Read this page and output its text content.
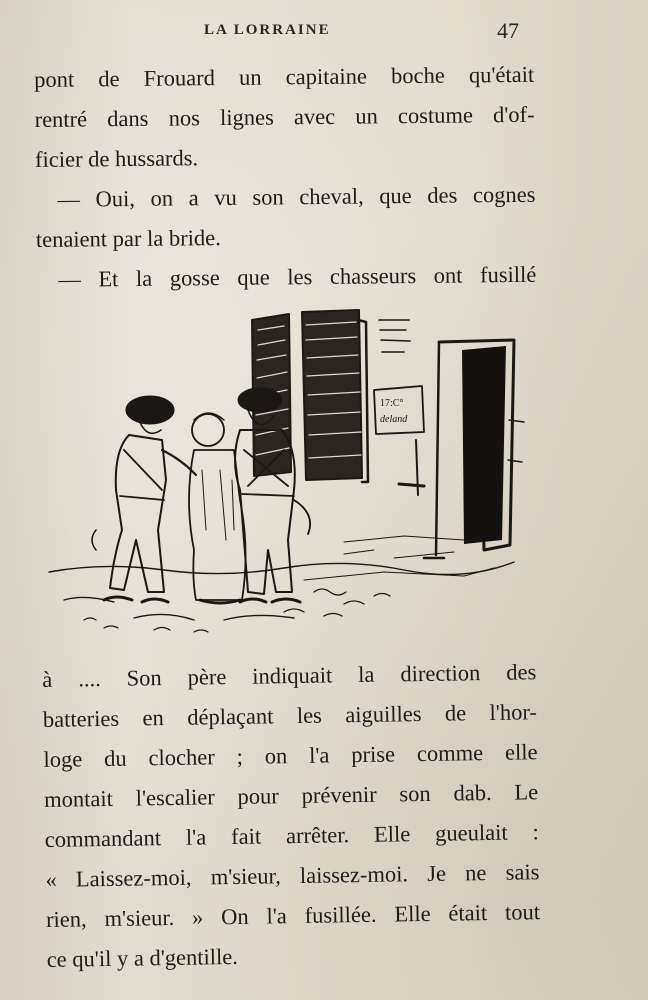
LA LORRAINE	47
pont de Frouard un capitaine boche qu'était
rentré dans nos lignes avec un costume d'of-
ficier de hussards.
— Oui, on a vu son cheval, que des cognes
tenaient par la bride.
— Et la gosse que les chasseurs ont fusillé
17:C°
deland
à .... Son père indiquait la direction des
batteries en déplaçant les aiguilles de l'hor-
loge du clocher ; on l'a prise comme elle
montait l'escalier pour prévenir son dab. Le
commandant l'a fait arrêter. Elle gueulait :
« Laissez-moi, m'sieur, laissez-moi. Je ne sais
rien, m'sieur. » On l'a fusillée. Elle était tout
ce qu'il y a d'gentille.
